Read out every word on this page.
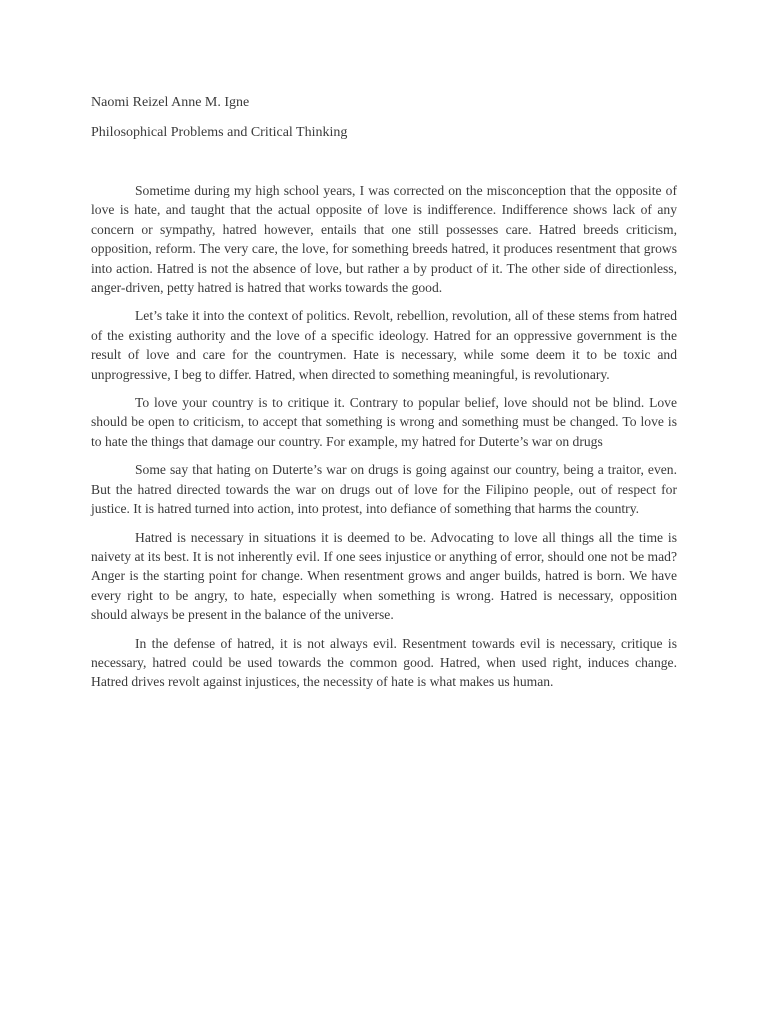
Naomi Reizel Anne M. Igne

Philosophical Problems and Critical Thinking

Sometime during my high school years, I was corrected on the misconception that the opposite of love is hate, and taught that the actual opposite of love is indifference. Indifference shows lack of any concern or sympathy, hatred however, entails that one still possesses care. Hatred breeds criticism, opposition, reform. The very care, the love, for something breeds hatred, it produces resentment that grows into action. Hatred is not the absence of love, but rather a by product of it. The other side of directionless, anger-driven, petty hatred is hatred that works towards the good.

Let’s take it into the context of politics. Revolt, rebellion, revolution, all of these stems from hatred of the existing authority and the love of a specific ideology. Hatred for an oppressive government is the result of love and care for the countrymen. Hate is necessary, while some deem it to be toxic and unprogressive, I beg to differ. Hatred, when directed to something meaningful, is revolutionary.

To love your country is to critique it. Contrary to popular belief, love should not be blind. Love should be open to criticism, to accept that something is wrong and something must be changed. To love is to hate the things that damage our country. For example, my hatred for Duterte’s war on drugs

Some say that hating on Duterte’s war on drugs is going against our country, being a traitor, even. But the hatred directed towards the war on drugs out of love for the Filipino people, out of respect for justice. It is hatred turned into action, into protest, into defiance of something that harms the country.

Hatred is necessary in situations it is deemed to be. Advocating to love all things all the time is naivety at its best. It is not inherently evil. If one sees injustice or anything of error, should one not be mad? Anger is the starting point for change. When resentment grows and anger builds, hatred is born. We have every right to be angry, to hate, especially when something is wrong. Hatred is necessary, opposition should always be present in the balance of the universe.

In the defense of hatred, it is not always evil. Resentment towards evil is necessary, critique is necessary, hatred could be used towards the common good. Hatred, when used right, induces change. Hatred drives revolt against injustices, the necessity of hate is what makes us human.
